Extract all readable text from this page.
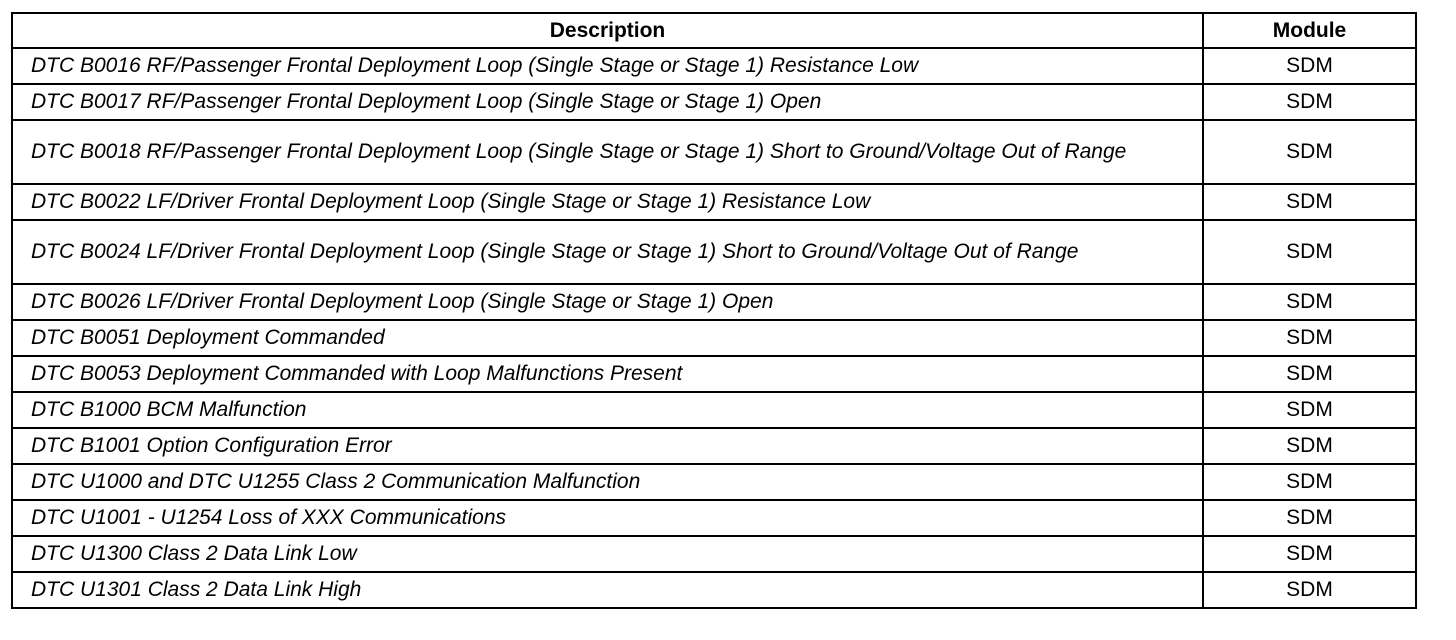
Description	Module
DTC B0016 RF/Passenger Frontal Deployment Loop (Single Stage or Stage 1) Resistance Low	SDM
DTC B0017 RF/Passenger Frontal Deployment Loop (Single Stage or Stage 1) Open	SDM
DTC B0018 RF/Passenger Frontal Deployment Loop (Single Stage or Stage 1) Short to Ground/Voltage Out of Range	SDM
DTC B0022 LF/Driver Frontal Deployment Loop (Single Stage or Stage 1) Resistance Low	SDM
DTC B0024 LF/Driver Frontal Deployment Loop (Single Stage or Stage 1) Short to Ground/Voltage Out of Range	SDM
DTC B0026 LF/Driver Frontal Deployment Loop (Single Stage or Stage 1) Open	SDM
DTC B0051 Deployment Commanded	SDM
DTC B0053 Deployment Commanded with Loop Malfunctions Present	SDM
DTC B1000 BCM Malfunction	SDM
DTC B1001 Option Configuration Error	SDM
DTC U1000 and DTC U1255 Class 2 Communication Malfunction	SDM
DTC U1001 - U1254 Loss of XXX Communications	SDM
DTC U1300 Class 2 Data Link Low	SDM
DTC U1301 Class 2 Data Link High	SDM
